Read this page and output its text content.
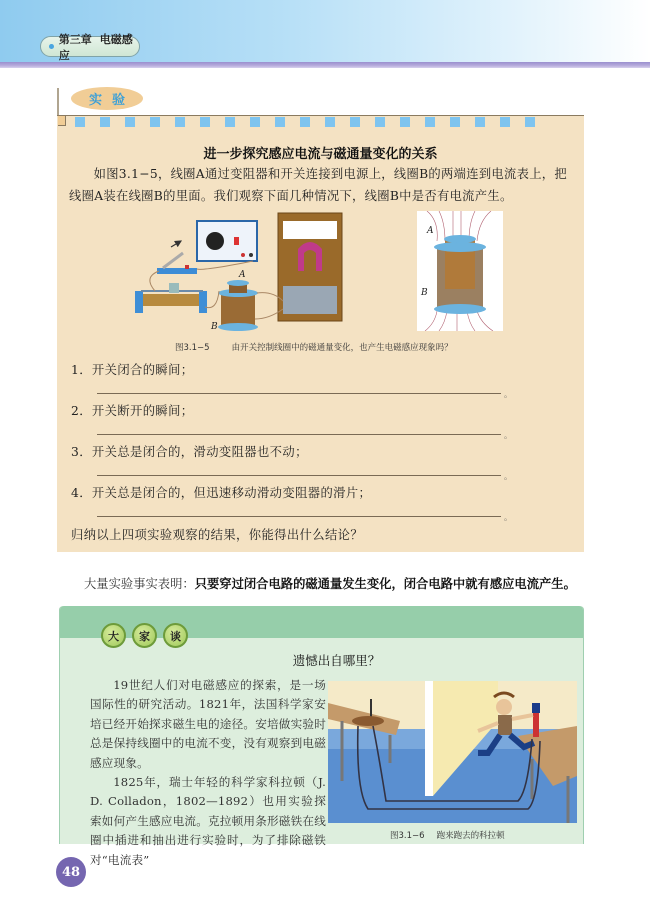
第三章 电磁感应
实验
进一步探究感应电流与磁通量变化的关系
如图3.1−5，线圈A通过变阻器和开关连接到电源上，线圈B的两端连到电流表上，把线圈A装在线圈B的里面。我们观察下面几种情况下，线圈B中是否有电流产生。
A
B
A
B
图3.1−5	由开关控制线圈中的磁通量变化，也产生电磁感应现象吗？
1．开关闭合的瞬间；
。
2．开关断开的瞬间；
。
3．开关总是闭合的，滑动变阻器也不动；
。
4．开关总是闭合的，但迅速移动滑动变阻器的滑片；
。
归纳以上四项实验观察的结果，你能得出什么结论？
大量实验事实表明：只要穿过闭合电路的磁通量发生变化，闭合电路中就有感应电流产生。
大	家	谈
遗憾出自哪里？

19世纪人们对电磁感应的探索，是一场国际性的研究活动。1821年，法国科学家安培已经开始探求磁生电的途径。安培做实验时总是保持线圈中的电流不变，没有观察到电磁感应现象。

1825年，瑞士年轻的科学家科拉顿（J. D. Colladon，1802—1892）也用实验探索如何产生感应电流。克拉顿用条形磁铁在线圈中插进和抽出进行实验时，为了排除磁铁对“电流表”

图3.1−6 跑来跑去的科拉顿
48
